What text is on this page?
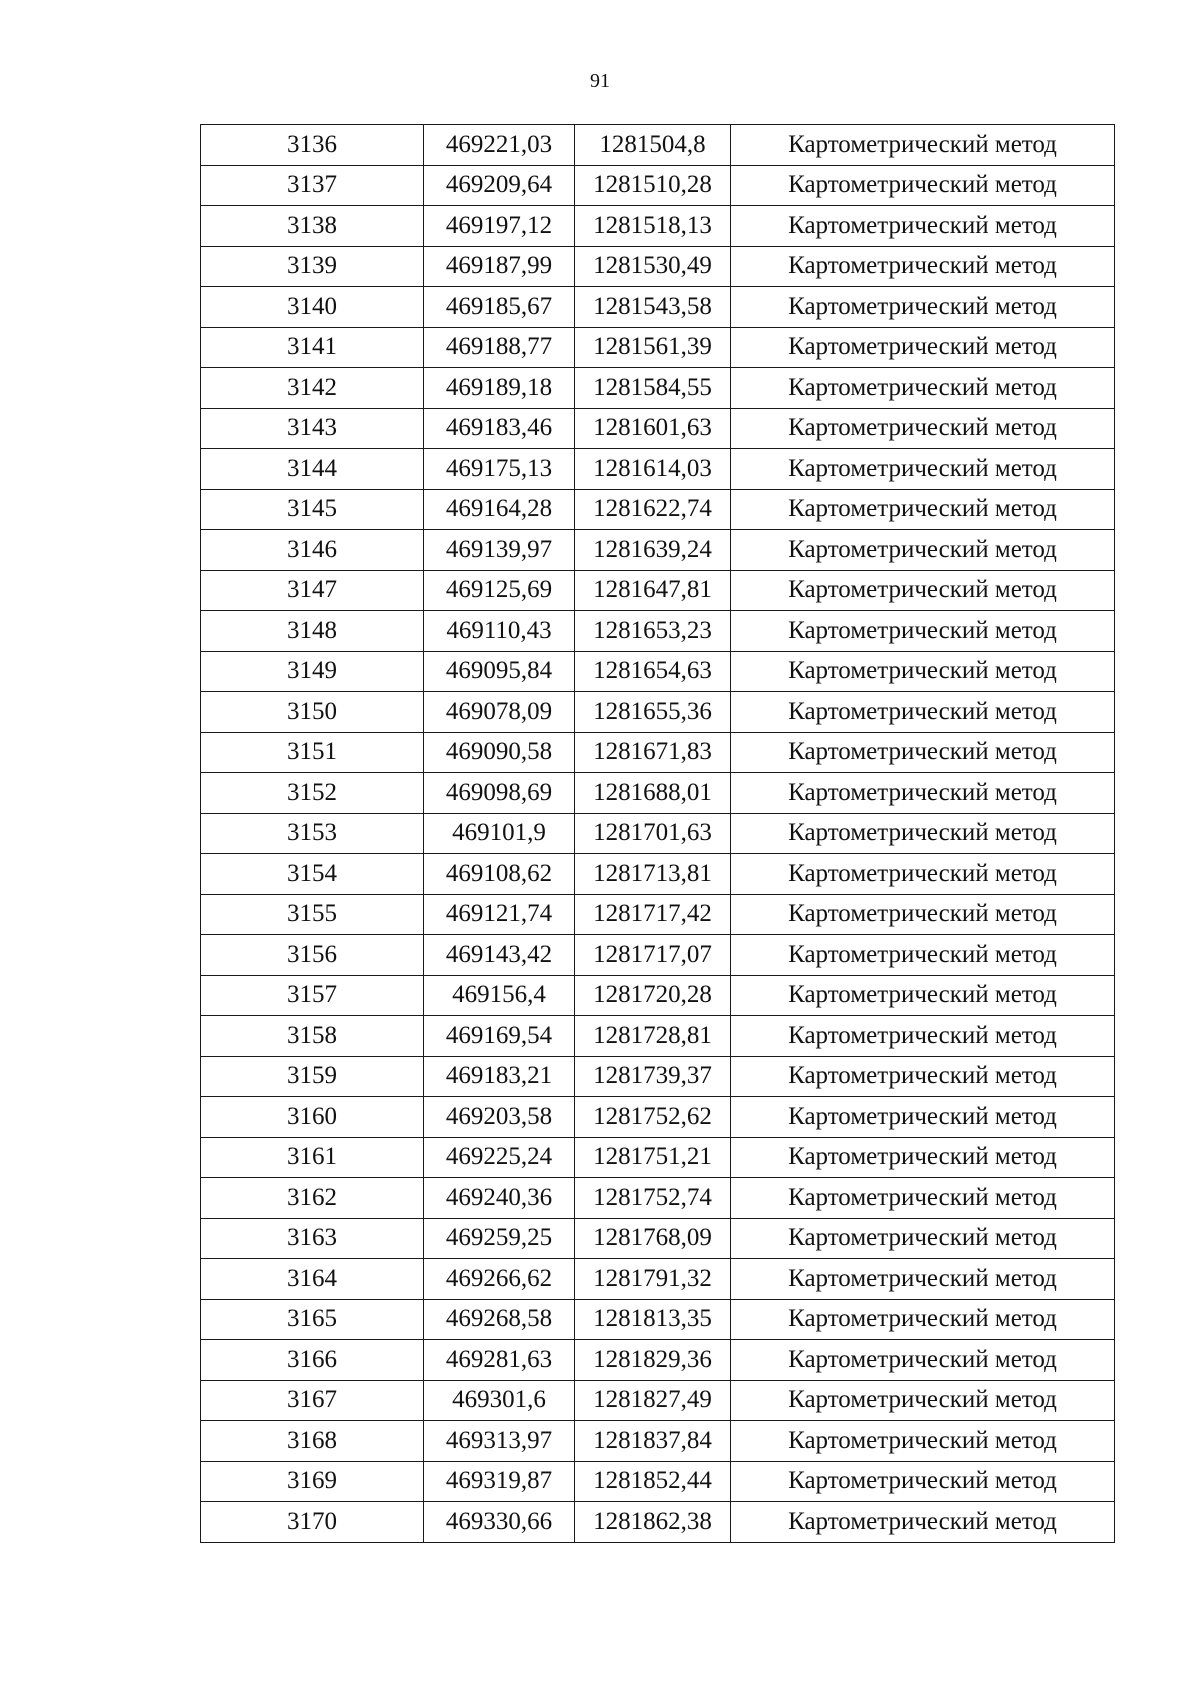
91
3136	469221,03	1281504,8	Картометрический метод
3137	469209,64	1281510,28	Картометрический метод
3138	469197,12	1281518,13	Картометрический метод
3139	469187,99	1281530,49	Картометрический метод
3140	469185,67	1281543,58	Картометрический метод
3141	469188,77	1281561,39	Картометрический метод
3142	469189,18	1281584,55	Картометрический метод
3143	469183,46	1281601,63	Картометрический метод
3144	469175,13	1281614,03	Картометрический метод
3145	469164,28	1281622,74	Картометрический метод
3146	469139,97	1281639,24	Картометрический метод
3147	469125,69	1281647,81	Картометрический метод
3148	469110,43	1281653,23	Картометрический метод
3149	469095,84	1281654,63	Картометрический метод
3150	469078,09	1281655,36	Картометрический метод
3151	469090,58	1281671,83	Картометрический метод
3152	469098,69	1281688,01	Картометрический метод
3153	469101,9	1281701,63	Картометрический метод
3154	469108,62	1281713,81	Картометрический метод
3155	469121,74	1281717,42	Картометрический метод
3156	469143,42	1281717,07	Картометрический метод
3157	469156,4	1281720,28	Картометрический метод
3158	469169,54	1281728,81	Картометрический метод
3159	469183,21	1281739,37	Картометрический метод
3160	469203,58	1281752,62	Картометрический метод
3161	469225,24	1281751,21	Картометрический метод
3162	469240,36	1281752,74	Картометрический метод
3163	469259,25	1281768,09	Картометрический метод
3164	469266,62	1281791,32	Картометрический метод
3165	469268,58	1281813,35	Картометрический метод
3166	469281,63	1281829,36	Картометрический метод
3167	469301,6	1281827,49	Картометрический метод
3168	469313,97	1281837,84	Картометрический метод
3169	469319,87	1281852,44	Картометрический метод
3170	469330,66	1281862,38	Картометрический метод
